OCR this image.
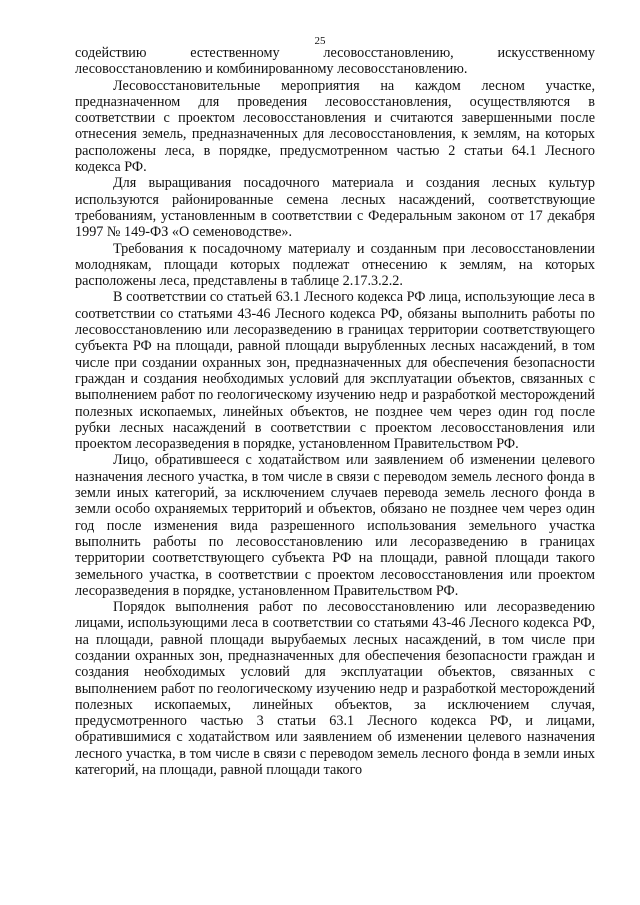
25

содействию естественному лесовосстановлению, искусственному лесовосстановлению и комбинированному лесовосстановлению.

Лесовосстановительные мероприятия на каждом лесном участке, предназначенном для проведения лесовосстановления, осуществляются в соответствии с проектом лесовосстановления и считаются завершенными после отнесения земель, предназначенных для лесовосстановления, к землям, на которых расположены леса, в порядке, предусмотренном частью 2 статьи 64.1 Лесного кодекса РФ.

Для выращивания посадочного материала и создания лесных культур используются районированные семена лесных насаждений, соответствующие требованиям, установленным в соответствии с Федеральным законом от 17 декабря 1997 № 149-ФЗ «О семеноводстве».

Требования к посадочному материалу и созданным при лесовосстановлении молоднякам, площади которых подлежат отнесению к землям, на которых расположены леса, представлены в таблице 2.17.3.2.2.

В соответствии со статьей 63.1 Лесного кодекса РФ лица, использующие леса в соответствии со статьями 43-46 Лесного кодекса РФ, обязаны выполнить работы по лесовосстановлению или лесоразведению в границах территории соответствующего субъекта РФ на площади, равной площади вырубленных лесных насаждений, в том числе при создании охранных зон, предназначенных для обеспечения безопасности граждан и создания необходимых условий для эксплуатации объектов, связанных с выполнением работ по геологическому изучению недр и разработкой месторождений полезных ископаемых, линейных объектов, не позднее чем через один год после рубки лесных насаждений в соответствии с проектом лесовосстановления или проектом лесоразведения в порядке, установленном Правительством РФ.

Лицо, обратившееся с ходатайством или заявлением об изменении целевого назначения лесного участка, в том числе в связи с переводом земель лесного фонда в земли иных категорий, за исключением случаев перевода земель лесного фонда в земли особо охраняемых территорий и объектов, обязано не позднее чем через один год после изменения вида разрешенного использования земельного участка выполнить работы по лесовосстановлению или лесоразведению в границах территории соответствующего субъекта РФ на площади, равной площади такого земельного участка, в соответствии с проектом лесовосстановления или проектом лесоразведения в порядке, установленном Правительством РФ.

Порядок выполнения работ по лесовосстановлению или лесоразведению лицами, использующими леса в соответствии со статьями 43-46 Лесного кодекса РФ, на площади, равной площади вырубаемых лесных насаждений, в том числе при создании охранных зон, предназначенных для обеспечения безопасности граждан и создания необходимых условий для эксплуатации объектов, связанных с выполнением работ по геологическому изучению недр и разработкой месторождений полезных ископаемых, линейных объектов, за исключением случая, предусмотренного частью 3 статьи 63.1 Лесного кодекса РФ, и лицами, обратившимися с ходатайством или заявлением об изменении целевого назначения лесного участка, в том числе в связи с переводом земель лесного фонда в земли иных категорий, на площади, равной площади такого
